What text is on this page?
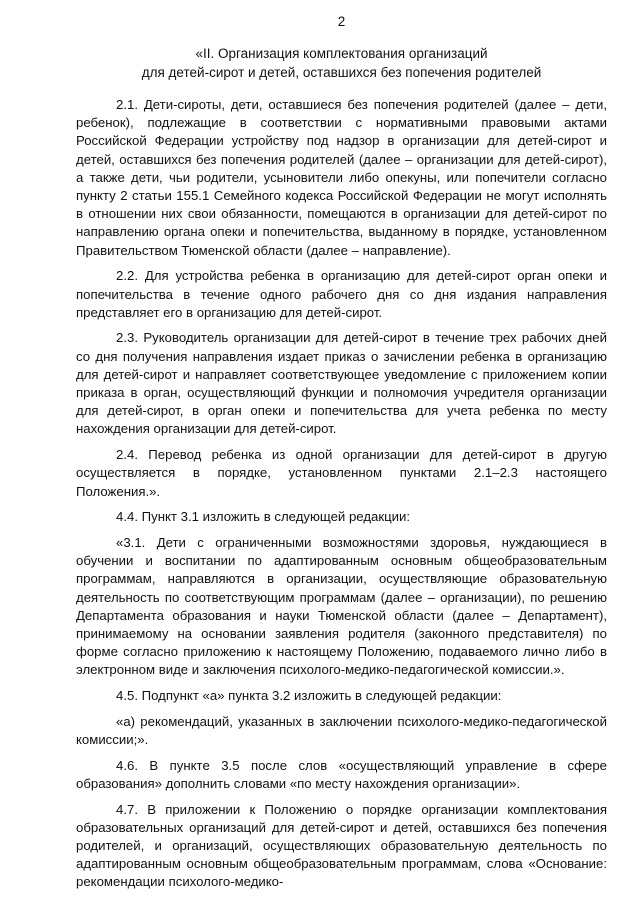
2
«II. Организация комплектования организаций
для детей-сирот и детей, оставшихся без попечения родителей

2.1. Дети-сироты, дети, оставшиеся без попечения родителей (далее – дети, ребенок), подлежащие в соответствии с нормативными правовыми актами Российской Федерации устройству под надзор в организации для детей-сирот и детей, оставшихся без попечения родителей (далее – организации для детей-сирот), а также дети, чьи родители, усыновители либо опекуны, или попечители согласно пункту 2 статьи 155.1 Семейного кодекса Российской Федерации не могут исполнять в отношении них свои обязанности, помещаются в организации для детей-сирот по направлению органа опеки и попечительства, выданному в порядке, установленном Правительством Тюменской области (далее – направление).

2.2. Для устройства ребенка в организацию для детей-сирот орган опеки и попечительства в течение одного рабочего дня со дня издания направления представляет его в организацию для детей-сирот.

2.3. Руководитель организации для детей-сирот в течение трех рабочих дней со дня получения направления издает приказ о зачислении ребенка в организацию для детей-сирот и направляет соответствующее уведомление с приложением копии приказа в орган, осуществляющий функции и полномочия учредителя организации для детей-сирот, в орган опеки и попечительства для учета ребенка по месту нахождения организации для детей-сирот.

2.4. Перевод ребенка из одной организации для детей-сирот в другую осуществляется в порядке, установленном пунктами 2.1–2.3 настоящего Положения.».

4.4. Пункт 3.1 изложить в следующей редакции:

«3.1. Дети с ограниченными возможностями здоровья, нуждающиеся в обучении и воспитании по адаптированным основным общеобразовательным программам, направляются в организации, осуществляющие образовательную деятельность по соответствующим программам (далее – организации), по решению Департамента образования и науки Тюменской области (далее – Департамент), принимаемому на основании заявления родителя (законного представителя) по форме согласно приложению к настоящему Положению, подаваемого лично либо в электронном виде и заключения психолого-медико-педагогической комиссии.».

4.5. Подпункт «а» пункта 3.2 изложить в следующей редакции:

«а) рекомендаций, указанных в заключении психолого-медико-педагогической комиссии;».

4.6. В пункте 3.5 после слов «осуществляющий управление в сфере образования» дополнить словами «по месту нахождения организации».

4.7. В приложении к Положению о порядке организации комплектования образовательных организаций для детей-сирот и детей, оставшихся без попечения родителей, и организаций, осуществляющих образовательную деятельность по адаптированным основным общеобразовательным программам, слова «Основание: рекомендации психолого-медико-
